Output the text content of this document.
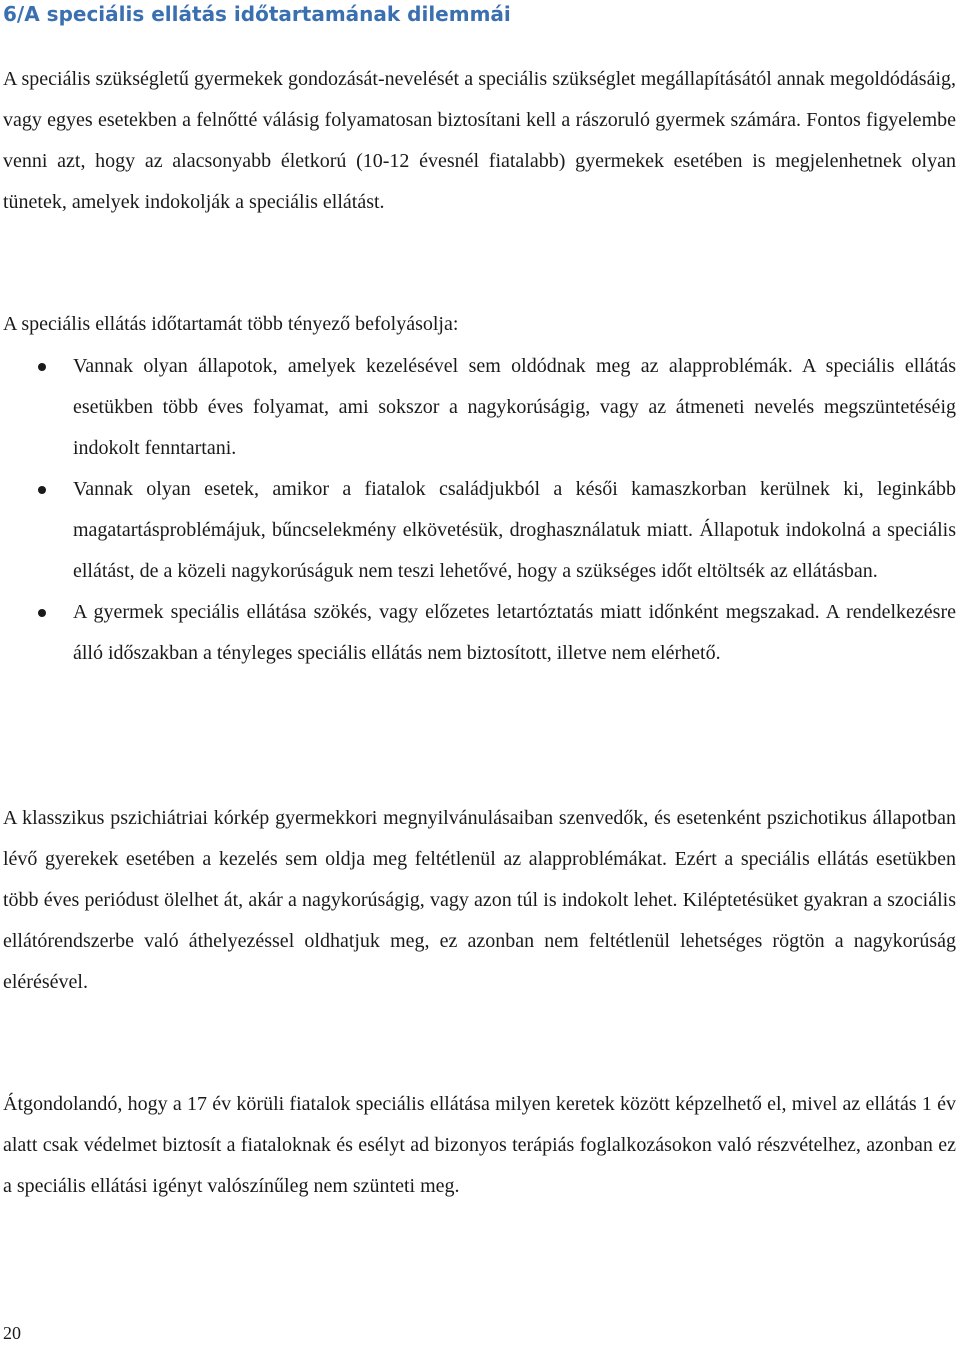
6/A speciális ellátás időtartamának dilemmái

A speciális szükségletű gyermekek gondozását-nevelését a speciális szükséglet megállapításától annak megoldódásáig, vagy egyes esetekben a felnőtté válásig folyamatosan biztosítani kell a rászoruló gyermek számára. Fontos figyelembe venni azt, hogy az alacsonyabb életkorú (10-12 évesnél fiatalabb) gyermekek esetében is megjelenhetnek olyan tünetek, amelyek indokolják a speciális ellátást.

A speciális ellátás időtartamát több tényező befolyásolja:

Vannak olyan állapotok, amelyek kezelésével sem oldódnak meg az alapproblémák. A speciális ellátás esetükben több éves folyamat, ami sokszor a nagykorúságig, vagy az átmeneti nevelés megszüntetéséig indokolt fenntartani.
Vannak olyan esetek, amikor a fiatalok családjukból a késői kamaszkorban kerülnek ki, leginkább magatartásproblémájuk, bűncselekmény elkövetésük, droghasználatuk miatt. Állapotuk indokolná a speciális ellátást, de a közeli nagykorúságuk nem teszi lehetővé, hogy a szükséges időt eltöltsék az ellátásban.
A gyermek speciális ellátása szökés, vagy előzetes letartóztatás miatt időnként megszakad. A rendelkezésre álló időszakban a tényleges speciális ellátás nem biztosított, illetve nem elérhető.

A klasszikus pszichiátriai kórkép gyermekkori megnyilvánulásaiban szenvedők, és esetenként pszichotikus állapotban lévő gyerekek esetében a kezelés sem oldja meg feltétlenül az alapproblémákat. Ezért a speciális ellátás esetükben több éves periódust ölelhet át, akár a nagykorúságig, vagy azon túl is indokolt lehet. Kiléptetésüket gyakran a szociális ellátórendszerbe való áthelyezéssel oldhatjuk meg, ez azonban nem feltétlenül lehetséges rögtön a nagykorúság elérésével.

Átgondolandó, hogy a 17 év körüli fiatalok speciális ellátása milyen keretek között képzelhető el, mivel az ellátás 1 év alatt csak védelmet biztosít a fiataloknak és esélyt ad bizonyos terápiás foglalkozásokon való részvételhez, azonban ez a speciális ellátási igényt valószínűleg nem szünteti meg.

20
